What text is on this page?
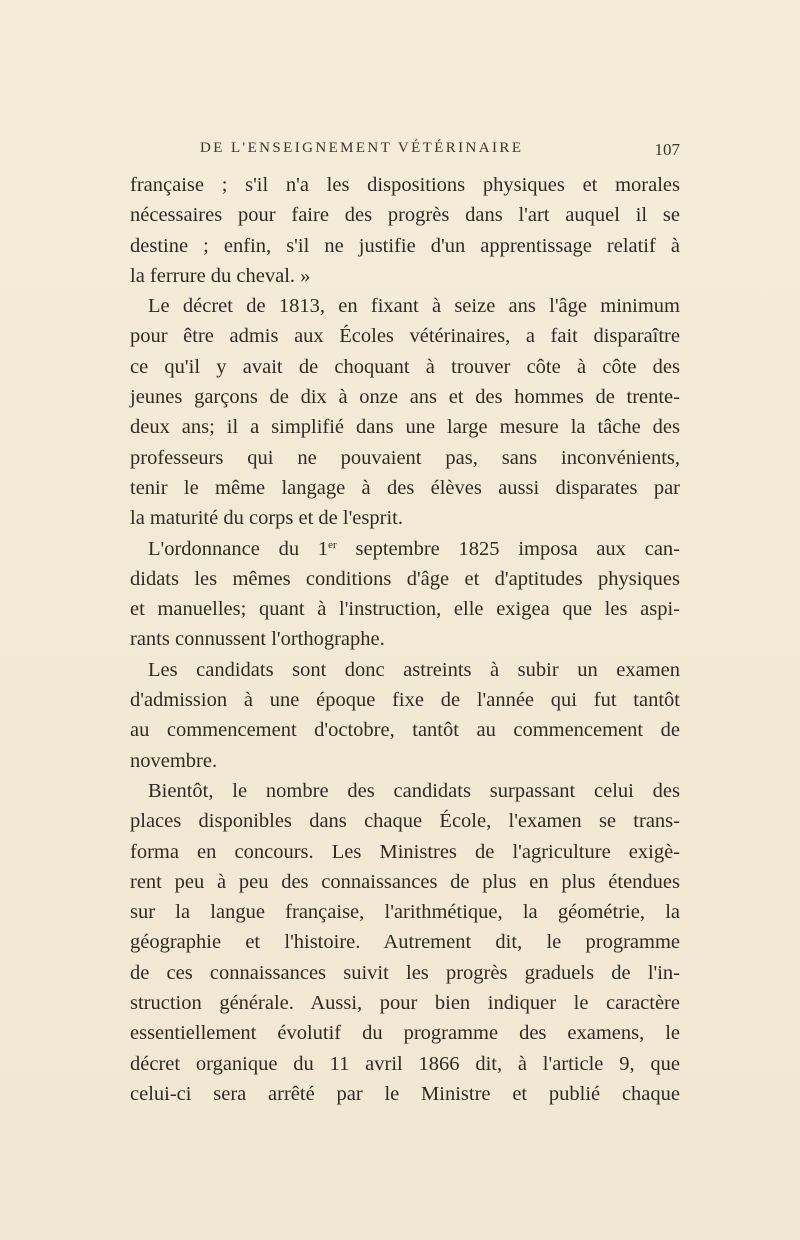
DE L'ENSEIGNEMENT VÉTÉRINAIRE	107
française ; s'il n'a les dispositions physiques et morales
nécessaires pour faire des progrès dans l'art auquel il se
destine ; enfin, s'il ne justifie d'un apprentissage relatif à
la ferrure du cheval. »
Le décret de 1813, en fixant à seize ans l'âge minimum
pour être admis aux Écoles vétérinaires, a fait disparaître
ce qu'il y avait de choquant à trouver côte à côte des
jeunes garçons de dix à onze ans et des hommes de trente-
deux ans; il a simplifié dans une large mesure la tâche des
professeurs qui ne pouvaient pas, sans inconvénients,
tenir le même langage à des élèves aussi disparates par
la maturité du corps et de l'esprit.
L'ordonnance du 1er septembre 1825 imposa aux can-
didats les mêmes conditions d'âge et d'aptitudes physiques
et manuelles; quant à l'instruction, elle exigea que les aspi-
rants connussent l'orthographe.
Les candidats sont donc astreints à subir un examen
d'admission à une époque fixe de l'année qui fut tantôt
au commencement d'octobre, tantôt au commencement de
novembre.
Bientôt, le nombre des candidats surpassant celui des
places disponibles dans chaque École, l'examen se trans-
forma en concours. Les Ministres de l'agriculture exigè-
rent peu à peu des connaissances de plus en plus étendues
sur la langue française, l'arithmétique, la géométrie, la
géographie et l'histoire. Autrement dit, le programme
de ces connaissances suivit les progrès graduels de l'in-
struction générale. Aussi, pour bien indiquer le caractère
essentiellement évolutif du programme des examens, le
décret organique du 11 avril 1866 dit, à l'article 9, que
celui-ci sera arrêté par le Ministre et publié chaque
